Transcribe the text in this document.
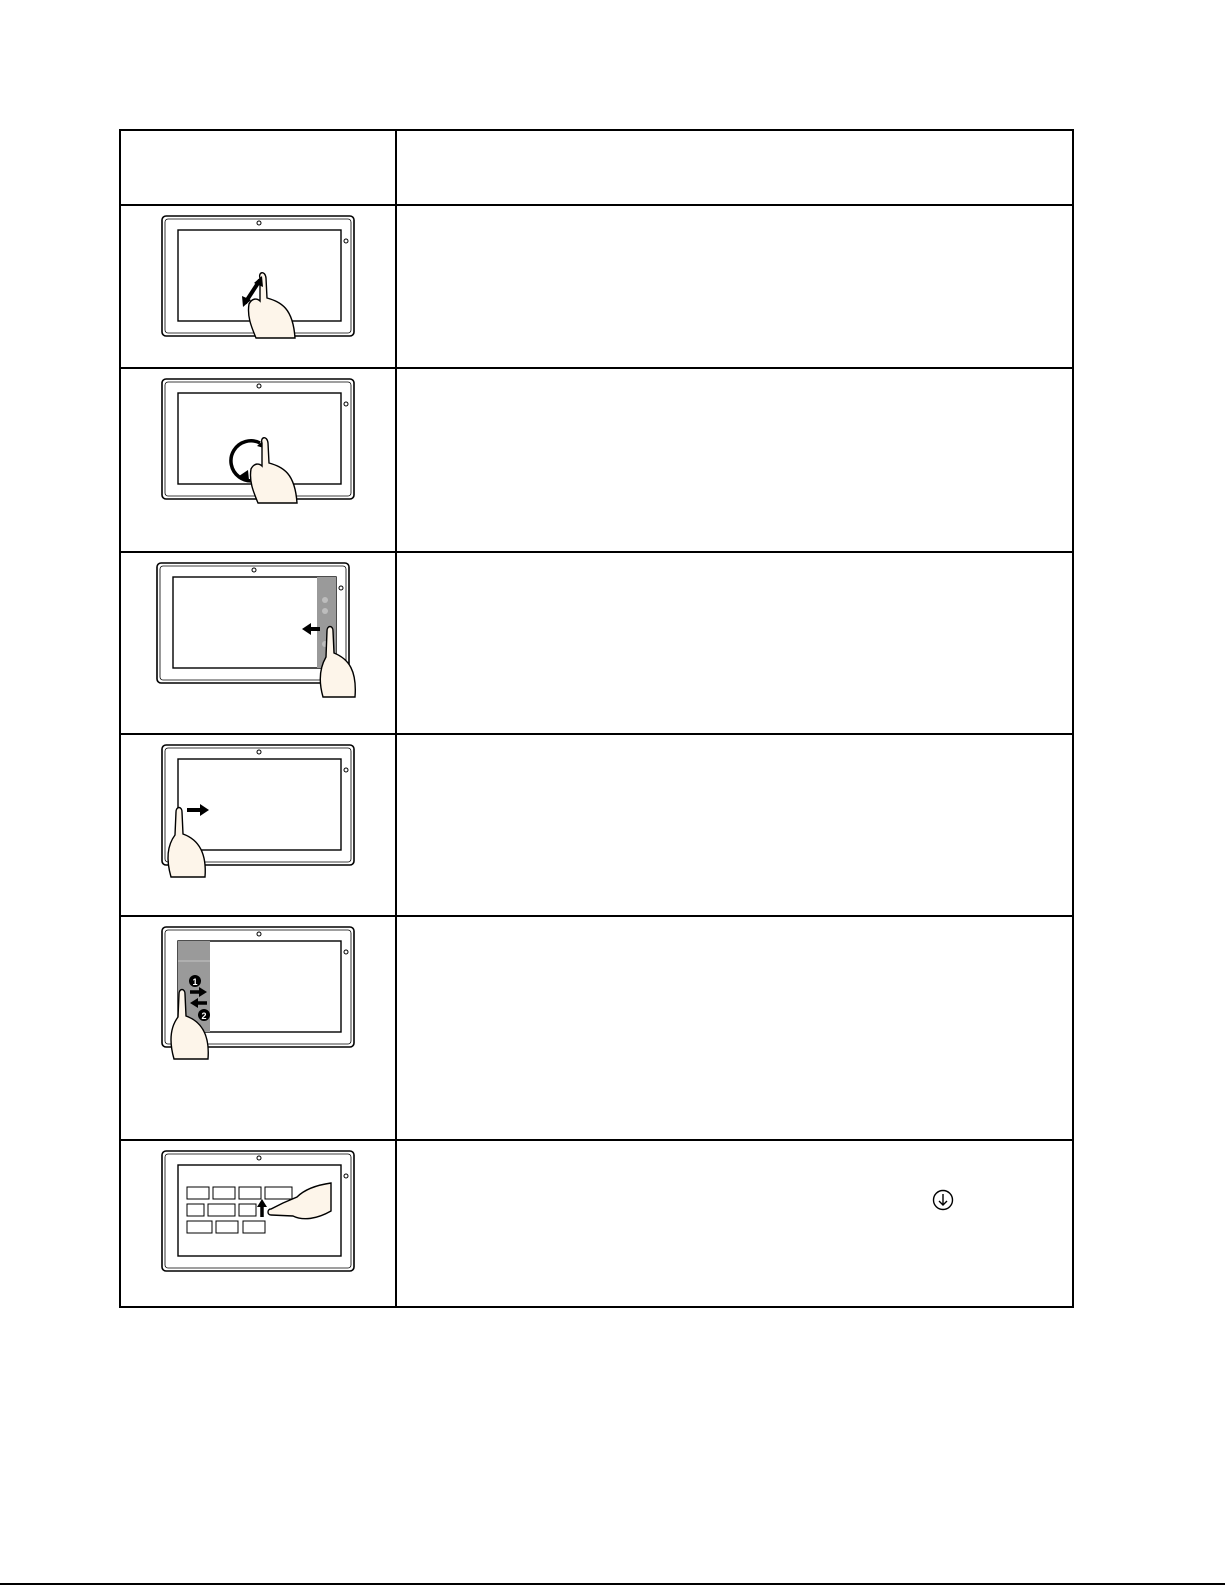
1
2	
